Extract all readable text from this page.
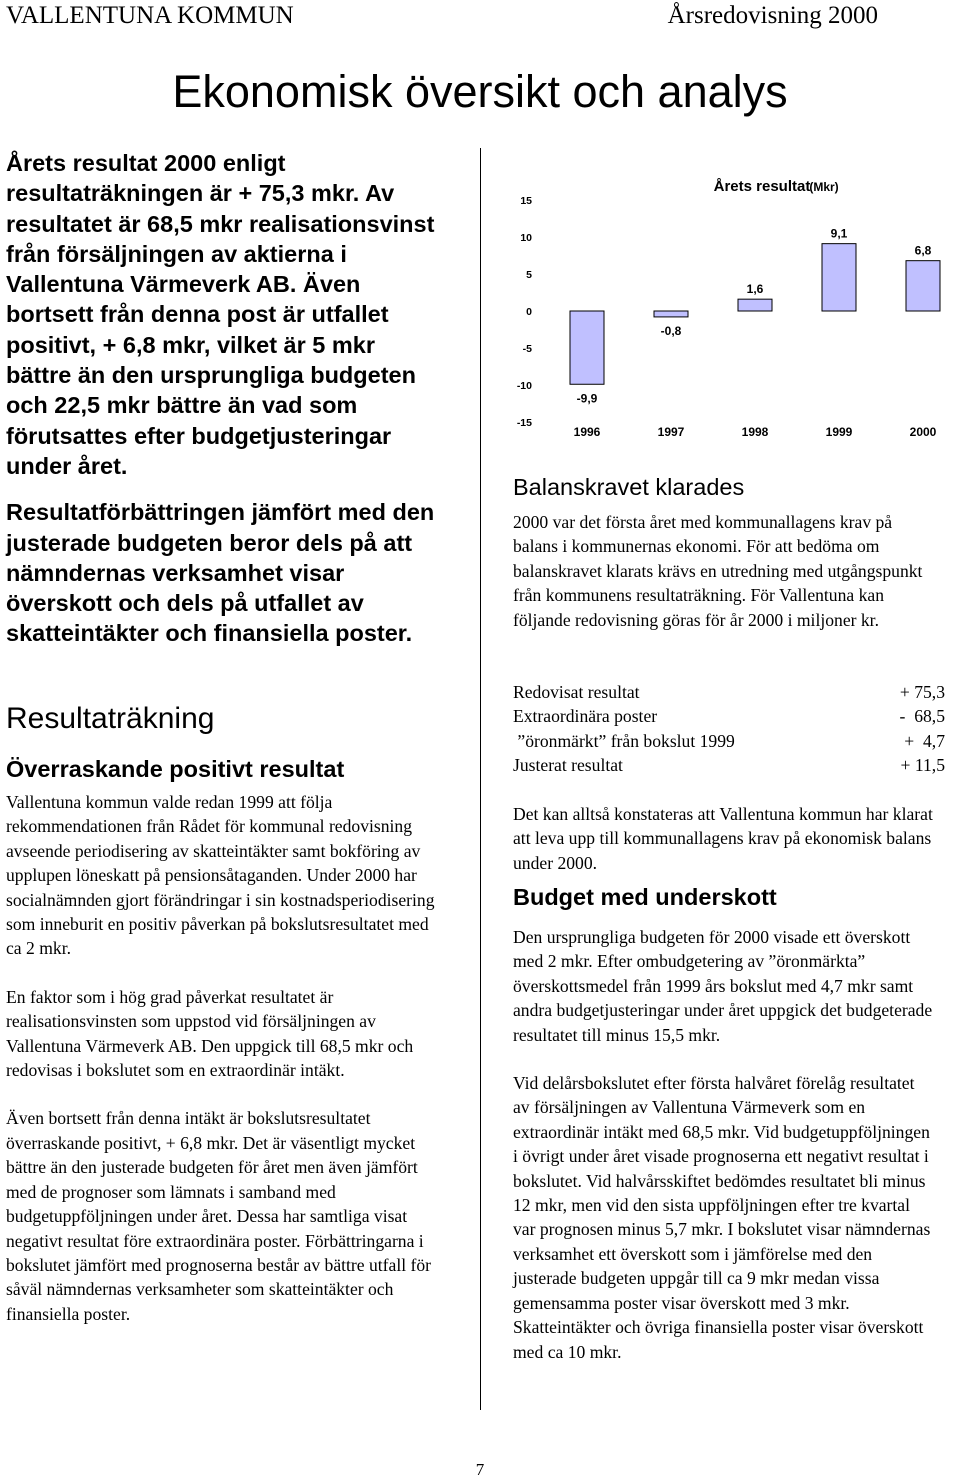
VALLENTUNA KOMMUN	Årsredovisning 2000
Ekonomisk översikt och analys

Årets resultat 2000 enligt resultaträkningen är + 75,3 mkr. Av resultatet är 68,5 mkr realisationsvinst från försäljningen av aktierna i Vallentuna Värmeverk AB. Även bortsett från denna post är utfallet positivt, + 6,8 mkr, vilket är 5 mkr bättre än den ursprungliga budgeten och 22,5 mkr bättre än vad som förutsattes efter budgetjusteringar under året.

Resultatförbättringen jämfört med den justerade budgeten beror dels på att nämndernas verksamhet visar överskott och dels på utfallet av skatteintäkter och finansiella poster.

Resultaträkning
Överraskande positivt resultat

Vallentuna kommun valde redan 1999 att följa rekommendationen från Rådet för kommunal redovisning avseende periodisering av skatteintäkter samt bokföring av upplupen löneskatt på pensionsåtaganden. Under 2000 har socialnämnden gjort förändringar i sin kostnadsperiodisering som inneburit en positiv påverkan på bokslutsresultatet med ca 2 mkr.

En faktor som i hög grad påverkat resultatet är realisationsvinsten som uppstod vid försäljningen av Vallentuna Värmeverk AB. Den uppgick till 68,5 mkr och redovisas i bokslutet som en extraordinär intäkt.

Även bortsett från denna intäkt är bokslutsresultatet överraskande positivt, + 6,8 mkr. Det är väsentligt mycket bättre än den justerade budgeten för året men även jämfört med de prognoser som lämnats i samband med budgetuppföljningen under året. Dessa har samtliga visat negativt resultat före extraordinära poster. Förbättringarna i bokslutet jämfört med prognoserna består av bättre utfall för såväl nämndernas verksamheter som skatteintäkter och finansiella poster.

Årets resultat
(Mkr)
15
10
5
0
-5
-10
-15
-9,9
-0,8
1,6
9,1
6,8
1996	1997	1998	1999	2000
Balanskravet klarades
2000 var det första året med kommunallagens krav på balans i kommunernas ekonomi. För att bedöma om balanskravet klarats krävs en utredning med utgångspunkt från kommunens resultaträkning. För Vallentuna kan följande redovisning göras för år 2000 i miljoner kr.
Redovisat resultat	+ 75,3
Extraordinära poster	-  68,5
”öronmärkt” från bokslut 1999	+  4,7
Justerat resultat	+ 11,5
Det kan alltså konstateras att Vallentuna kommun har klarat att leva upp till kommunallagens krav på ekonomisk balans under 2000.
Budget med underskott

Den ursprungliga budgeten för 2000 visade ett överskott med 2 mkr. Efter ombudgetering av ”öronmärkta” överskottsmedel från 1999 års bokslut med 4,7 mkr samt andra budgetjusteringar under året uppgick det budgeterade resultatet till minus 15,5 mkr.

Vid delårsbokslutet efter första halvåret förelåg resultatet av försäljningen av Vallentuna Värmeverk som en extraordinär intäkt med 68,5 mkr. Vid budgetuppföljningen i övrigt under året visade prognoserna ett negativt resultat i bokslutet. Vid halvårsskiftet bedömdes resultatet bli minus 12 mkr, men vid den sista uppföljningen efter tre kvartal var prognosen minus 5,7 mkr. I bokslutet visar nämndernas verksamhet ett överskott som i jämförelse med den justerade budgeten uppgår till ca 9 mkr medan vissa gemensamma poster visar överskott med 3 mkr. Skatteintäkter och övriga finansiella poster visar överskott med ca 10 mkr.

7
